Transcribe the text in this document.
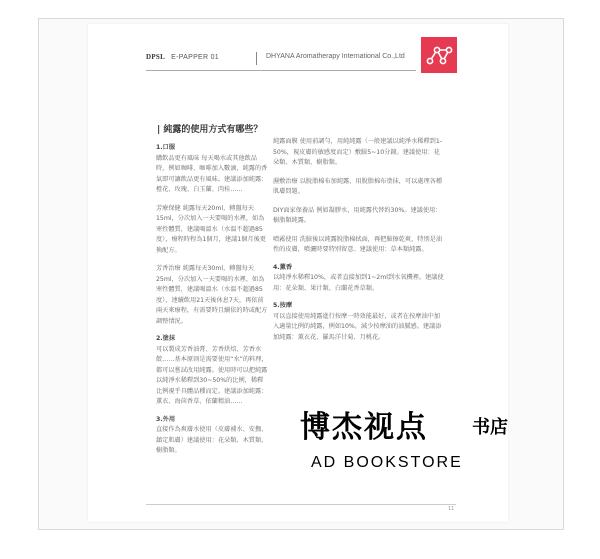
DPSL E-PAPPER 01	DHYANA Aromatherapy International Co.,Ltd
| 純露的使用方式有哪些？

1.口服

購飲品更有風味 每天喝水或其他飲品時，例如咖啡、咖啡加入數滴，純露的香氣即可讓飲品更有風味。建議添加純露：橙花、玫瑰、白玉蘭、肉桂……

芳療保健 純露每天20ml，轉盤每天15ml，分次加入一天要喝的水裡，如為寒性體質，建議喝溫水（水溫不超過85度），療程時程為1個月，建議1個月後更換配方。

芳香治療 純露每天30ml，轉盤每天25ml，分次加入一天要喝的水裡，如為寒性體質，建議喝溫水（水溫不超過85度），連續飲用21天後休息7天，再依前兩天來療程，有需要時且續依的時或配方調整情況。

2.塗抹

可以製成芳香油膏、芳香烘焙、芳香水餃……基本原則是需要使用“水”的料理，都可以嘗試改用純露。使用時可以把純露以純淨水稀釋到30~50%的比例，稀釋比例視乎具體品種而定。建議添加純露：薰衣、海茴香草、依蘭精油……

3.外用

直接作為爽膚水使用（皮膚補水、安撫、鎮定肌膚）建議使用：花朵類、木質類、樹脂類。

純露面膜 使用前調勻，用純純露（一般建議以純淨水稀釋到1-50%，視皮膚的敏感度而定）敷臉5~10分鐘。建議使用：花朵類、木質類、樹脂類。

濕敷治療 以脫脂棉布加純露，用脫脂棉布塗抹，可以處理各種肌膚問題。

DIY面家保養品 例如凝膠水，用純露代替約30%。建議使用：樹脂類純露。

噴霧使用 洗臉後以純露脫脂棉拭面，再把臉擦乾爽、特別是油性的皮膚，噴灑時要特別留意。建議使用：草本類純露。

4.薰香

以純淨水稀釋10%，或者直接加到1~2ml到水氧機裡。建議使用：花朵類、果汁類、白蘭花香草類。

5.按摩

可以直接使用純露進行按摩一時效能最好，或者在按摩油中加入適量比例的純露，例如10%，減少按摩油的油膩感。建議添加純露：薰衣花、羅馬洋甘菊、月桃花。

11
博杰视点 书店
AD BOOKSTORE
